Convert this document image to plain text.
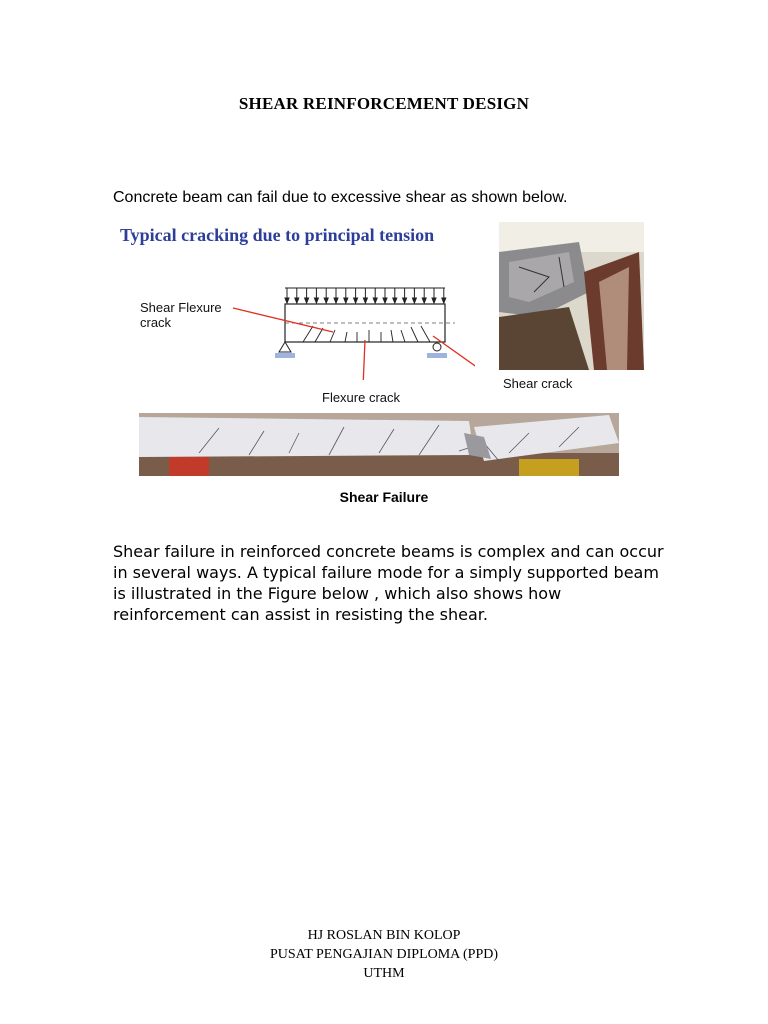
SHEAR REINFORCEMENT DESIGN
Concrete beam can fail due to excessive shear as shown below.
Typical cracking due to principal tension
Shear Flexure
crack
Flexure crack
Shear crack
Shear Failure
Shear failure in reinforced concrete beams is complex and can occur in several ways. A typical failure mode for a simply supported beam is illustrated in the Figure below , which also shows how reinforcement can assist in resisting the shear.
HJ ROSLAN BIN KOLOP
PUSAT PENGAJIAN DIPLOMA (PPD)
UTHM
